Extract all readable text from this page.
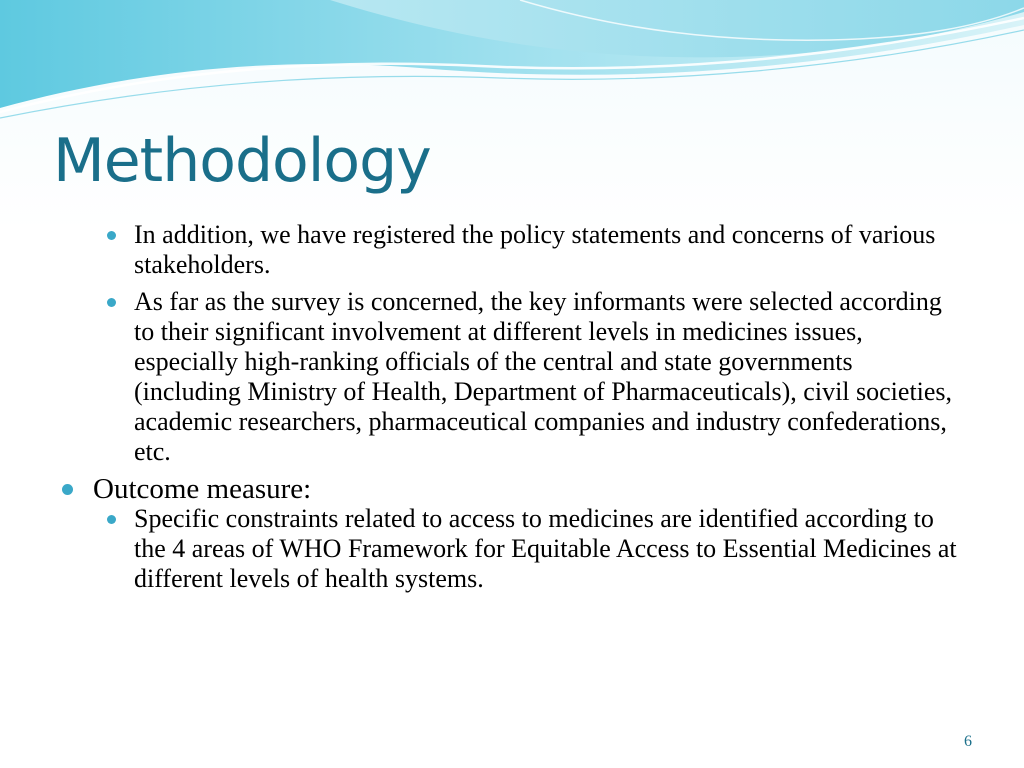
Methodology
In addition, we have registered the policy statements and concerns of various stakeholders.
As far as the survey is concerned, the key informants were selected according to their significant involvement at different levels in medicines issues, especially high-ranking officials of the central and state governments (including Ministry of Health, Department of Pharmaceuticals), civil societies, academic researchers, pharmaceutical companies and industry confederations, etc.
Outcome measure:
Specific constraints related to access to medicines are identified according to the 4 areas of WHO Framework for Equitable Access to Essential Medicines at different levels of health systems.
6
